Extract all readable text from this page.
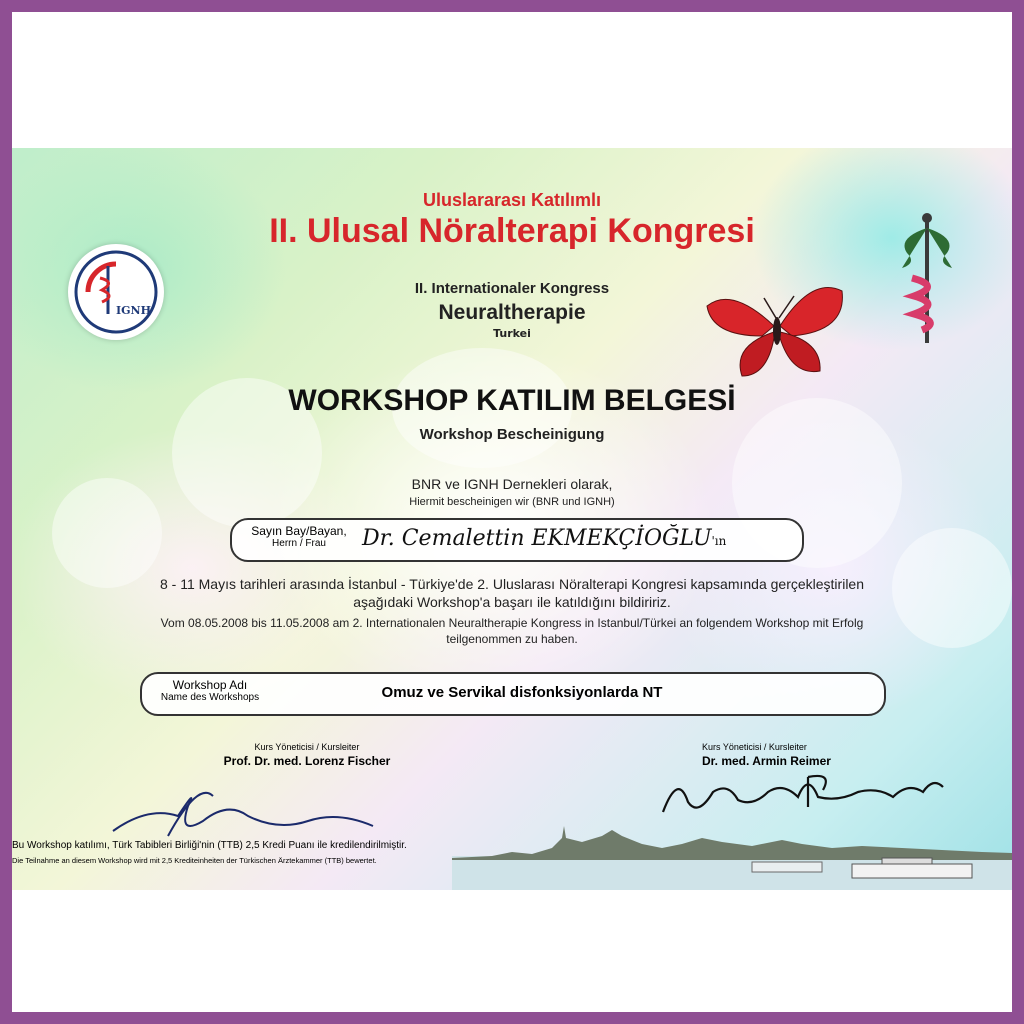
IGNH
Uluslararası Katılımlı
II. Ulusal Nöralterapi Kongresi
II. Internationaler Kongress
Neuraltherapie
Turkei
WORKSHOP KATILIM BELGESİ
Workshop Bescheinigung
BNR ve IGNH Dernekleri olarak,
Hiermit bescheinigen wir (BNR und IGNH)
Sayın Bay/Bayan,
Herrn / Frau	Dr. Cemalettin EKMEKÇİOĞLU'ın
8 - 11 Mayıs tarihleri arasında İstanbul - Türkiye'de 2. Uluslarası Nöralterapi Kongresi kapsamında gerçekleştirilen
aşağıdaki Workshop'a başarı ile katıldığını bildiririz.
Vom 08.05.2008 bis 11.05.2008 am 2. Internationalen Neuraltherapie Kongress in Istanbul/Türkei an folgendem Workshop mit Erfolg
teilgenommen zu haben.
Workshop Adı
Name des Workshops	Omuz ve Servikal disfonksiyonlarda NT
Kurs Yöneticisi / Kursleiter
Prof. Dr. med. Lorenz Fischer
Kurs Yöneticisi / Kursleiter
Dr. med. Armin Reimer
Bu Workshop katılımı, Türk Tabibleri Birliği'nin (TTB) 2,5 Kredi Puanı ile kredilendirilmiştir.
Die Teilnahme an diesem Workshop wird mit 2,5 Krediteinheiten der Türkischen Ärztekammer (TTB) bewertet.
